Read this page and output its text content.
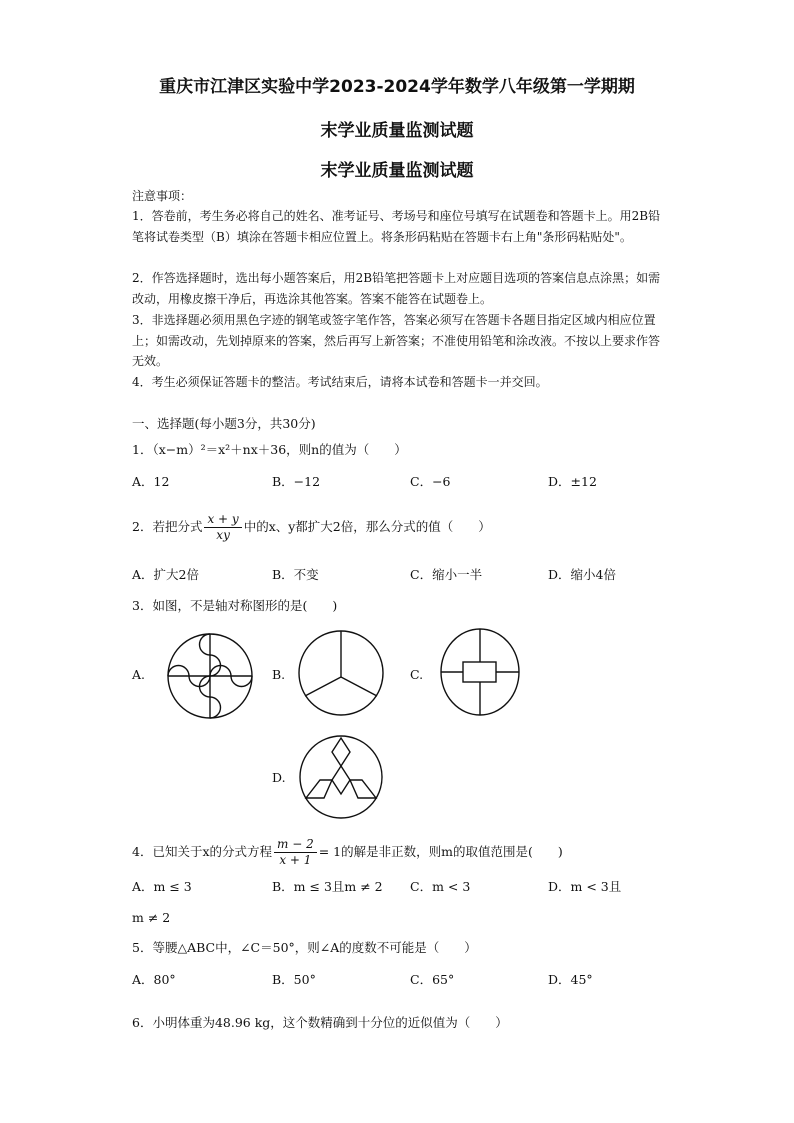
重庆市江津区实验中学2023-2024学年数学八年级第一学期期
末学业质量监测试题
末学业质量监测试题
注意事项：
1．答卷前，考生务必将自己的姓名、准考证号、考场号和座位号填写在试题卷和答题卡上。用2B铅笔将试卷类型（B）填涂在答题卡相应位置上。将条形码粘贴在答题卡右上角"条形码粘贴处"。
2．作答选择题时，选出每小题答案后，用2B铅笔把答题卡上对应题目选项的答案信息点涂黑；如需改动，用橡皮擦干净后，再选涂其他答案。答案不能答在试题卷上。
3．非选择题必须用黑色字迹的钢笔或签字笔作答，答案必须写在答题卡各题目指定区域内相应位置上；如需改动，先划掉原来的答案，然后再写上新答案；不准使用铅笔和涂改液。不按以上要求作答无效。
4．考生必须保证答题卡的整洁。考试结束后，请将本试卷和答题卡一并交回。
一、选择题(每小题3分，共30分)
1．（x−m）²＝x²＋nx＋36，则n的值为（　　）
A．12	B．−12	C．−6	D．±12
2．若把分式 $\frac{x + y}{xy}$ 中的x、y都扩大2倍，那么分式的值（　　）
A．扩大2倍	B．不变	C．缩小一半	D．缩小4倍
3．如图，不是轴对称图形的是(　　)
A.	B.	C.
D.
4．已知关于x的分式方程 $\frac{m - 2}{x + 1} = 1$的解是非正数，则m的取值范围是(　　)
A．m ≤ 3	B．m ≤ 3且m ≠ 2 C．m < 3	D．m < 3且
m ≠ 2
5．等腰△ABC中，∠C＝50°，则∠A的度数不可能是（　　）
A．80°	B．50°	C．65°	D．45°
6．小明体重为48.96 kg，这个数精确到十分位的近似值为（　　）
